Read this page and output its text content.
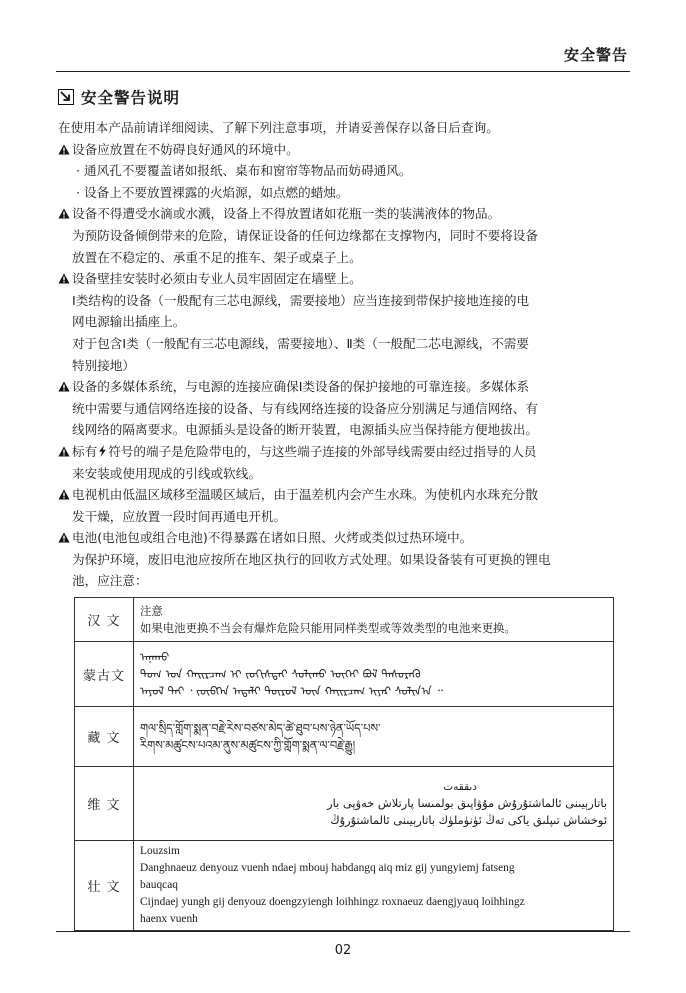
安全警告
安全警告说明

在使用本产品前请详细阅读、了解下列注意事项，并请妥善保存以备日后查询。

设备应放置在不妨碍良好通风的环境中。

· 通风孔不要覆盖诸如报纸、桌布和窗帘等物品而妨碍通风。

· 设备上不要放置裸露的火焰源，如点燃的蜡烛。

设备不得遭受水滴或水溅，设备上不得放置诸如花瓶一类的装满液体的物品。

为预防设备倾倒带来的危险，请保证设备的任何边缘都在支撑物内，同时不要将设备

放置在不稳定的、承重不足的推车、架子或桌子上。

设备壁挂安装时必须由专业人员牢固固定在墙壁上。

Ⅰ类结构的设备（一般配有三芯电源线，需要接地）应当连接到带保护接地连接的电

网电源输出插座上。

对于包含Ⅰ类（一般配有三芯电源线，需要接地）、Ⅱ类（一般配二芯电源线，不需要

特别接地）

设备的多媒体系统，与电源的连接应确保Ⅰ类设备的保护接地的可靠连接。多媒体系

统中需要与通信网络连接的设备、与有线网络连接的设备应分别满足与通信网络、有

线网络的隔离要求。电源插头是设备的断开装置，电源插头应当保持能方便地拔出。

标有 符号的端子是危险带电的，与这些端子连接的外部导线需要由经过指导的人员

来安装或使用现成的引线或软线。

电视机由低温区域移至温暖区域后，由于温差机内会产生水珠。为使机内水珠充分散

发干燥，应放置一段时间再通电开机。

电池(电池包或组合电池)不得暴露在诸如日照、火烤或类似过热环境中。

为保护环境，废旧电池应按所在地区执行的回收方式处理。如果设备装有可更换的锂电

池，应注意：

汉 文	注意
如果电池更换不当会有爆炸危险只能用同样类型或等效类型的电池来更换。

蒙古文	ᠠᠨᠠᠬᠤ
ᠲᠣᠭ ᠤᠨ ᠬᠠᠢᠷᠴᠠᠭ ᠢ ᠵᠣᠬᠢᠰᠲᠠᠢ ᠰᠣᠯᠢᠬᠤ ᠦᠭᠡᠢ ᠪᠣᠯ ᠲᠡᠰᠦᠷᠡᠬᠦ
ᠠᠶᠤᠯ ᠲᠠᠢ ᠂ ᠵᠥᠪᠬᠡᠨ ᠠᠳᠠᠯᠢ ᠲᠥᠷᠥᠯ ᠦᠨ ᠬᠠᠢᠷᠴᠠᠭ ᠢᠶᠠᠷ ᠰᠣᠯᠢᠨ᠎ᠠ ᠃

藏 文	གལ་སྲིད་གློག་སྨན་བརྗེ་རེས་བཙས་མེད་ཚེ་ཐུབ་པས་ཉེན་ཡོད་པས་
རིགས་མཚུངས་པའམ་ནུས་མཚུངས་ཀྱི་གློག་སྨན་ལ་བརྗེ་རྒྱུ།

维 文	دىققەت
باتارېيىنى ئالماشتۇرۇش مۇۋاپىق بولمىسا پارتلاش خەۋپى بار
ئوخشاش تىپلىق ياكى تەڭ ئۈنۈملۈك باتارېيىنى ئالماشتۇرۇڭ

壮 文	Louzsim
Danghnaeuz denyouz vuenh ndaej mbouj habdangq aiq miz gij yungyiemj fatseng
bauqcaq
Cijndaej yungh gij denyouz doengzyiengh loihhingz roxnaeuz daengjyauq loihhingz
haenx vuenh
02
